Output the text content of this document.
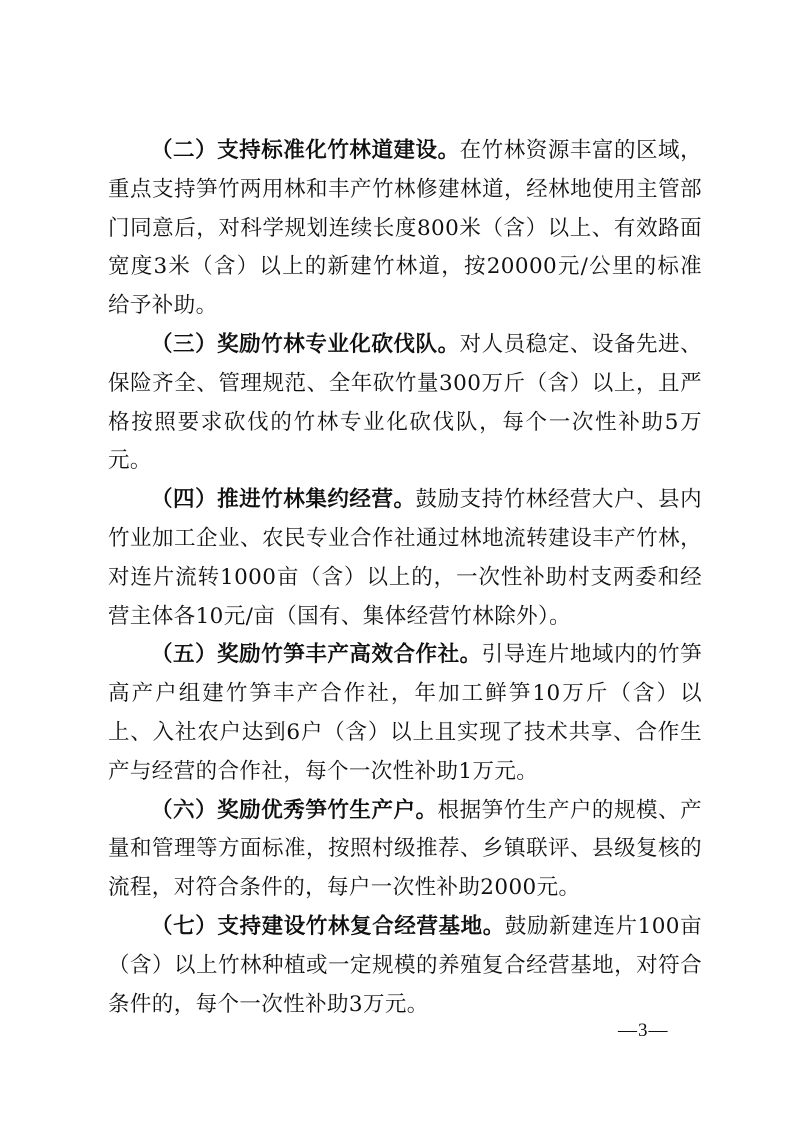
（二）支持标准化竹林道建设。在竹林资源丰富的区域，重点支持笋竹两用林和丰产竹林修建林道，经林地使用主管部门同意后，对科学规划连续长度800米（含）以上、有效路面宽度3米（含）以上的新建竹林道，按20000元/公里的标准给予补助。

（三）奖励竹林专业化砍伐队。对人员稳定、设备先进、保险齐全、管理规范、全年砍竹量300万斤（含）以上，且严格按照要求砍伐的竹林专业化砍伐队，每个一次性补助5万元。

（四）推进竹林集约经营。鼓励支持竹林经营大户、县内竹业加工企业、农民专业合作社通过林地流转建设丰产竹林，对连片流转1000亩（含）以上的，一次性补助村支两委和经营主体各10元/亩（国有、集体经营竹林除外）。

（五）奖励竹笋丰产高效合作社。引导连片地域内的竹笋高产户组建竹笋丰产合作社，年加工鲜笋10万斤（含）以上、入社农户达到6户（含）以上且实现了技术共享、合作生产与经营的合作社，每个一次性补助1万元。

（六）奖励优秀笋竹生产户。根据笋竹生产户的规模、产量和管理等方面标准，按照村级推荐、乡镇联评、县级复核的流程，对符合条件的，每户一次性补助2000元。

（七）支持建设竹林复合经营基地。鼓励新建连片100亩（含）以上竹林种植或一定规模的养殖复合经营基地，对符合条件的，每个一次性补助3万元。

—3—
